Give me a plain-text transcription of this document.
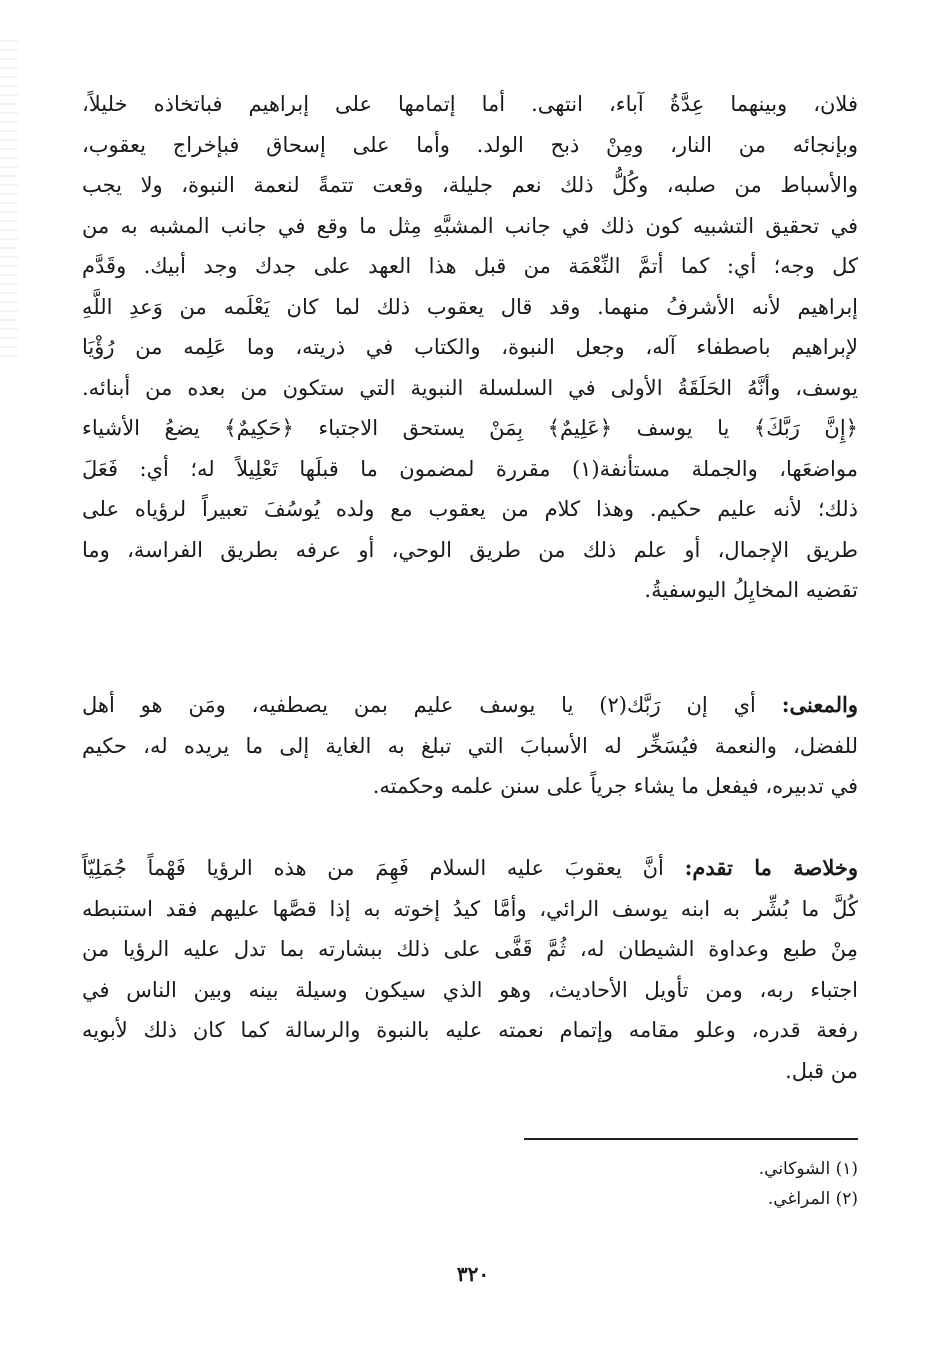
فلان، وبينهما عِدَّةُ آباء، انتهى. أما إتمامها على إبراهيم فباتخاذه خليلاً،
وبإنجائه من النار، ومِنْ ذبح الولد. وأما على إسحاق فبإخراج يعقوب،
والأسباط من صلبه، وكُلُّ ذلك نعم جليلة، وقعت تتمةً لنعمة النبوة، ولا يجب
في تحقيق التشبيه كون ذلك في جانب المشبَّهِ مِثل ما وقع في جانب المشبه به من
كل وجه؛ أي: كما أتمَّ النِّعْمَة من قبل هذا العهد على جدك وجد أبيك. وقَدَّم
إبراهيم لأنه الأشرفُ منهما. وقد قال يعقوب ذلك لما كان يَعْلَمه من وَعدِ اللَّهِ
لإبراهيم باصطفاء آله، وجعل النبوة، والكتاب في ذريته، وما عَلِمه من رُؤْيَا
يوسف، وأنَّهُ الحَلَقَةُ الأولى في السلسلة النبوية التي ستكون من بعده من أبنائه.
﴿إِنَّ رَبَّكَ﴾ يا يوسف ﴿عَلِيمٌ﴾ بِمَنْ يستحق الاجتباء ﴿حَكِيمٌ﴾ يضعُ الأشياء
مواضعَها، والجملة مستأنفة(١) مقررة لمضمون ما قبلَها تَعْلِيلاً له؛ أي: فَعَلَ
ذلك؛ لأنه عليم حكيم. وهذا كلام من يعقوب مع ولده يُوسُفَ تعبيراً لرؤياه على
طريق الإجمال، أو علم ذلك من طريق الوحي، أو عرفه بطريق الفراسة، وما
تقضيه المخايِلُ اليوسفيةُ.
والمعنى: أي إن رَبَّك(٢) يا يوسف عليم بمن يصطفيه، ومَن هو أهل
للفضل، والنعمة فيُسَخِّر له الأسبابَ التي تبلغ به الغاية إلى ما يريده له، حكيم
في تدبيره، فيفعل ما يشاء جرياً على سنن علمه وحكمته.
وخلاصة ما تقدم: أنَّ يعقوبَ عليه السلام فَهِمَ من هذه الرؤيا فَهْماً جُمَلِيّاً
كُلَّ ما بُشِّر به ابنه يوسف الرائي، وأمَّا كيدُ إخوته به إذا قصَّها عليهم فقد استنبطه
مِنْ طبع وعداوة الشيطان له، ثُمَّ قَفَّى على ذلك ببشارته بما تدل عليه الرؤيا من
اجتباء ربه، ومن تأويل الأحاديث، وهو الذي سيكون وسيلة بينه وبين الناس في
رفعة قدره، وعلو مقامه وإتمام نعمته عليه بالنبوة والرسالة كما كان ذلك لأبويه
من قبل.
(١) الشوكاني.
(٢) المراغي.
٣٢٠
